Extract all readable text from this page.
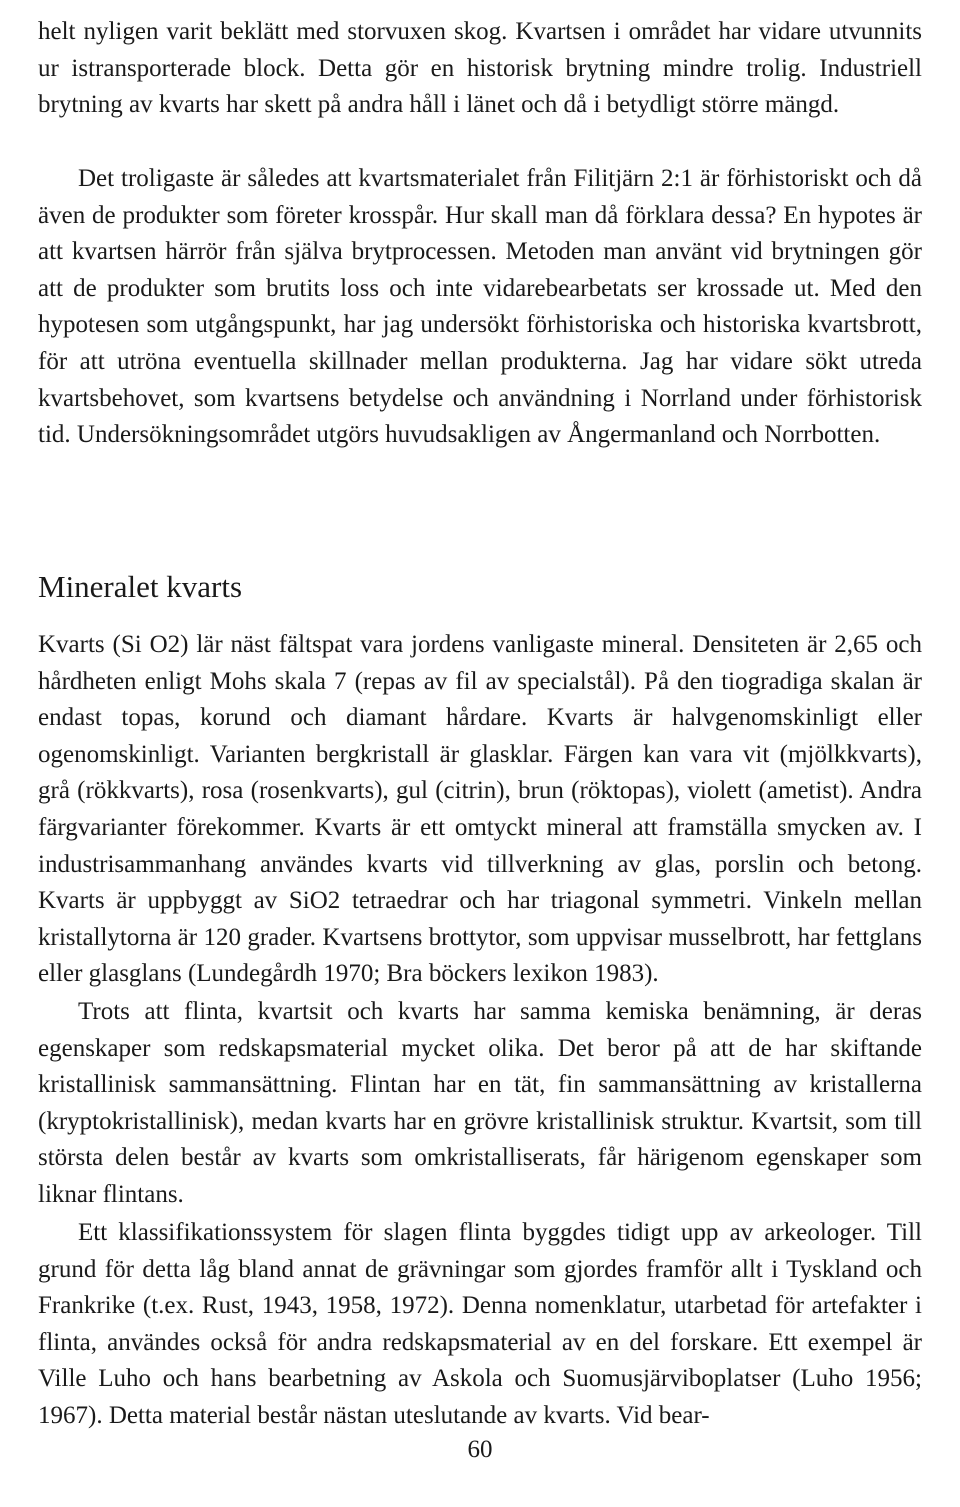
helt nyligen varit beklätt med storvuxen skog. Kvartsen i området har vidare utvunnits ur istransporterade block. Detta gör en historisk brytning mindre trolig. Industriell brytning av kvarts har skett på andra håll i länet och då i betydligt större mängd.

Det troligaste är således att kvartsmaterialet från Filitjärn 2:1 är förhistoriskt och då även de produkter som företer krosspår. Hur skall man då förklara dessa? En hypotes är att kvartsen härrör från själva brytprocessen. Metoden man använt vid brytningen gör att de produkter som brutits loss och inte vidarebearbetats ser krossade ut. Med den hypotesen som utgångspunkt, har jag undersökt förhistoriska och historiska kvartsbrott, för att utröna eventuella skillnader mellan produkterna. Jag har vidare sökt utreda kvartsbehovet, som kvartsens betydelse och användning i Norrland under förhistorisk tid. Undersökningsområdet utgörs huvudsakligen av Ångermanland och Norrbotten.

Mineralet kvarts

Kvarts (Si O2) lär näst fältspat vara jordens vanligaste mineral. Densiteten är 2,65 och hårdheten enligt Mohs skala 7 (repas av fil av specialstål). På den tiogradiga skalan är endast topas, korund och diamant hårdare. Kvarts är halvgenomskinligt eller ogenomskinligt. Varianten bergkristall är glasklar. Färgen kan vara vit (mjölkkvarts), grå (rökkvarts), rosa (rosenkvarts), gul (citrin), brun (röktopas), violett (ametist). Andra färgvarianter förekommer. Kvarts är ett omtyckt mineral att framställa smycken av. I industrisammanhang användes kvarts vid tillverkning av glas, porslin och betong. Kvarts är uppbyggt av SiO2 tetraedrar och har triagonal symmetri. Vinkeln mellan kristallytorna är 120 grader. Kvartsens brottytor, som uppvisar musselbrott, har fettglans eller glasglans (Lundegårdh 1970; Bra böckers lexikon 1983).

Trots att flinta, kvartsit och kvarts har samma kemiska benämning, är deras egenskaper som redskapsmaterial mycket olika. Det beror på att de har skiftande kristallinisk sammansättning. Flintan har en tät, fin sammansättning av kristallerna (kryptokristallinisk), medan kvarts har en grövre kristallinisk struktur. Kvartsit, som till största delen består av kvarts som omkristalliserats, får härigenom egenskaper som liknar flintans.

Ett klassifikationssystem för slagen flinta byggdes tidigt upp av arkeologer. Till grund för detta låg bland annat de grävningar som gjordes framför allt i Tyskland och Frankrike (t.ex. Rust, 1943, 1958, 1972). Denna nomenklatur, utarbetad för artefakter i flinta, användes också för andra redskapsmaterial av en del forskare. Ett exempel är Ville Luho och hans bearbetning av Askola och Suomusjärviboplatser (Luho 1956; 1967). Detta material består nästan uteslutande av kvarts. Vid bear-

60
